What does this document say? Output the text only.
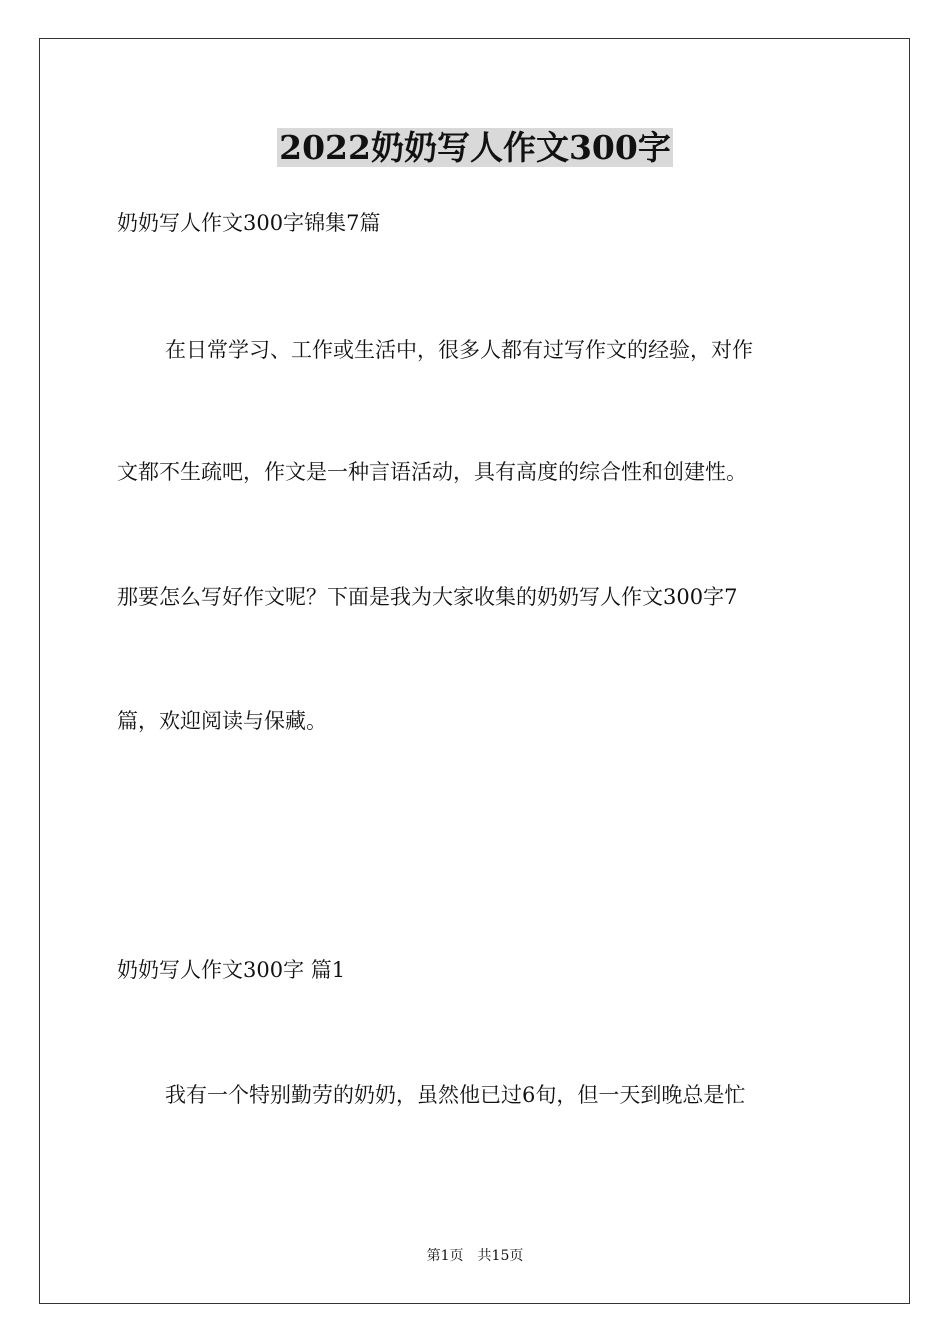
2022奶奶写人作文300字
奶奶写人作文300字锦集7篇
在日常学习、工作或生活中，很多人都有过写作文的经验，对作
文都不生疏吧，作文是一种言语活动，具有高度的综合性和创建性。
那要怎么写好作文呢？下面是我为大家收集的奶奶写人作文300字7
篇，欢迎阅读与保藏。
奶奶写人作文300字 篇1
我有一个特别勤劳的奶奶，虽然他已过6旬，但一天到晚总是忙
第1页 共15页
